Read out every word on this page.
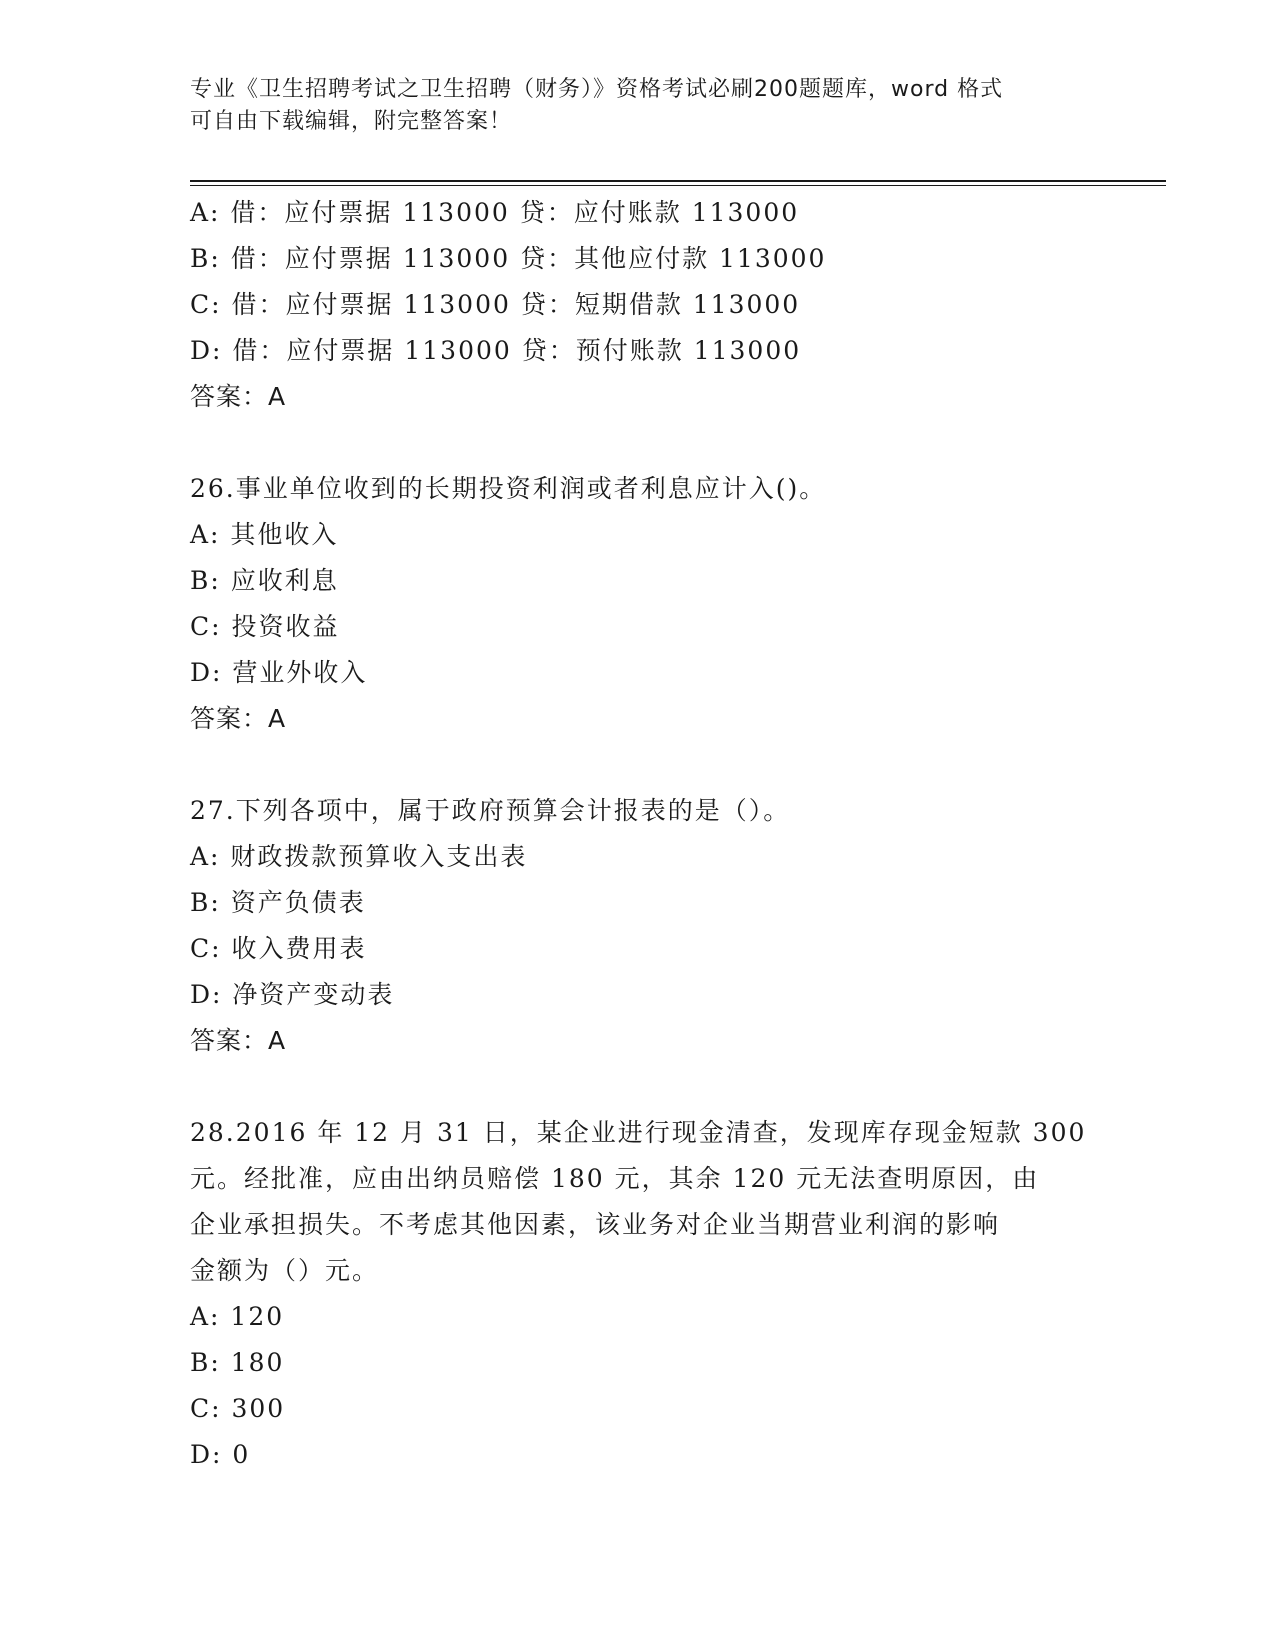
专业《卫生招聘考试之卫生招聘（财务）》资格考试必刷200题题库，word 格式
可自由下载编辑，附完整答案！
A: 借：应付票据 113000 贷：应付账款 113000
B: 借：应付票据 113000 贷：其他应付款 113000
C: 借：应付票据 113000 贷：短期借款 113000
D: 借：应付票据 113000 贷：预付账款 113000
答案：A
26.事业单位收到的长期投资利润或者利息应计入()。
A: 其他收入
B: 应收利息
C: 投资收益
D: 营业外收入
答案：A
27.下列各项中，属于政府预算会计报表的是（）。
A: 财政拨款预算收入支出表
B: 资产负债表
C: 收入费用表
D: 净资产变动表
答案：A
28.2016 年 12 月 31 日，某企业进行现金清查，发现库存现金短款 300
元。经批准，应由出纳员赔偿 180 元，其余 120 元无法查明原因，由
企业承担损失。不考虑其他因素，该业务对企业当期营业利润的影响
金额为（）元。
A: 120
B: 180
C: 300
D: 0
